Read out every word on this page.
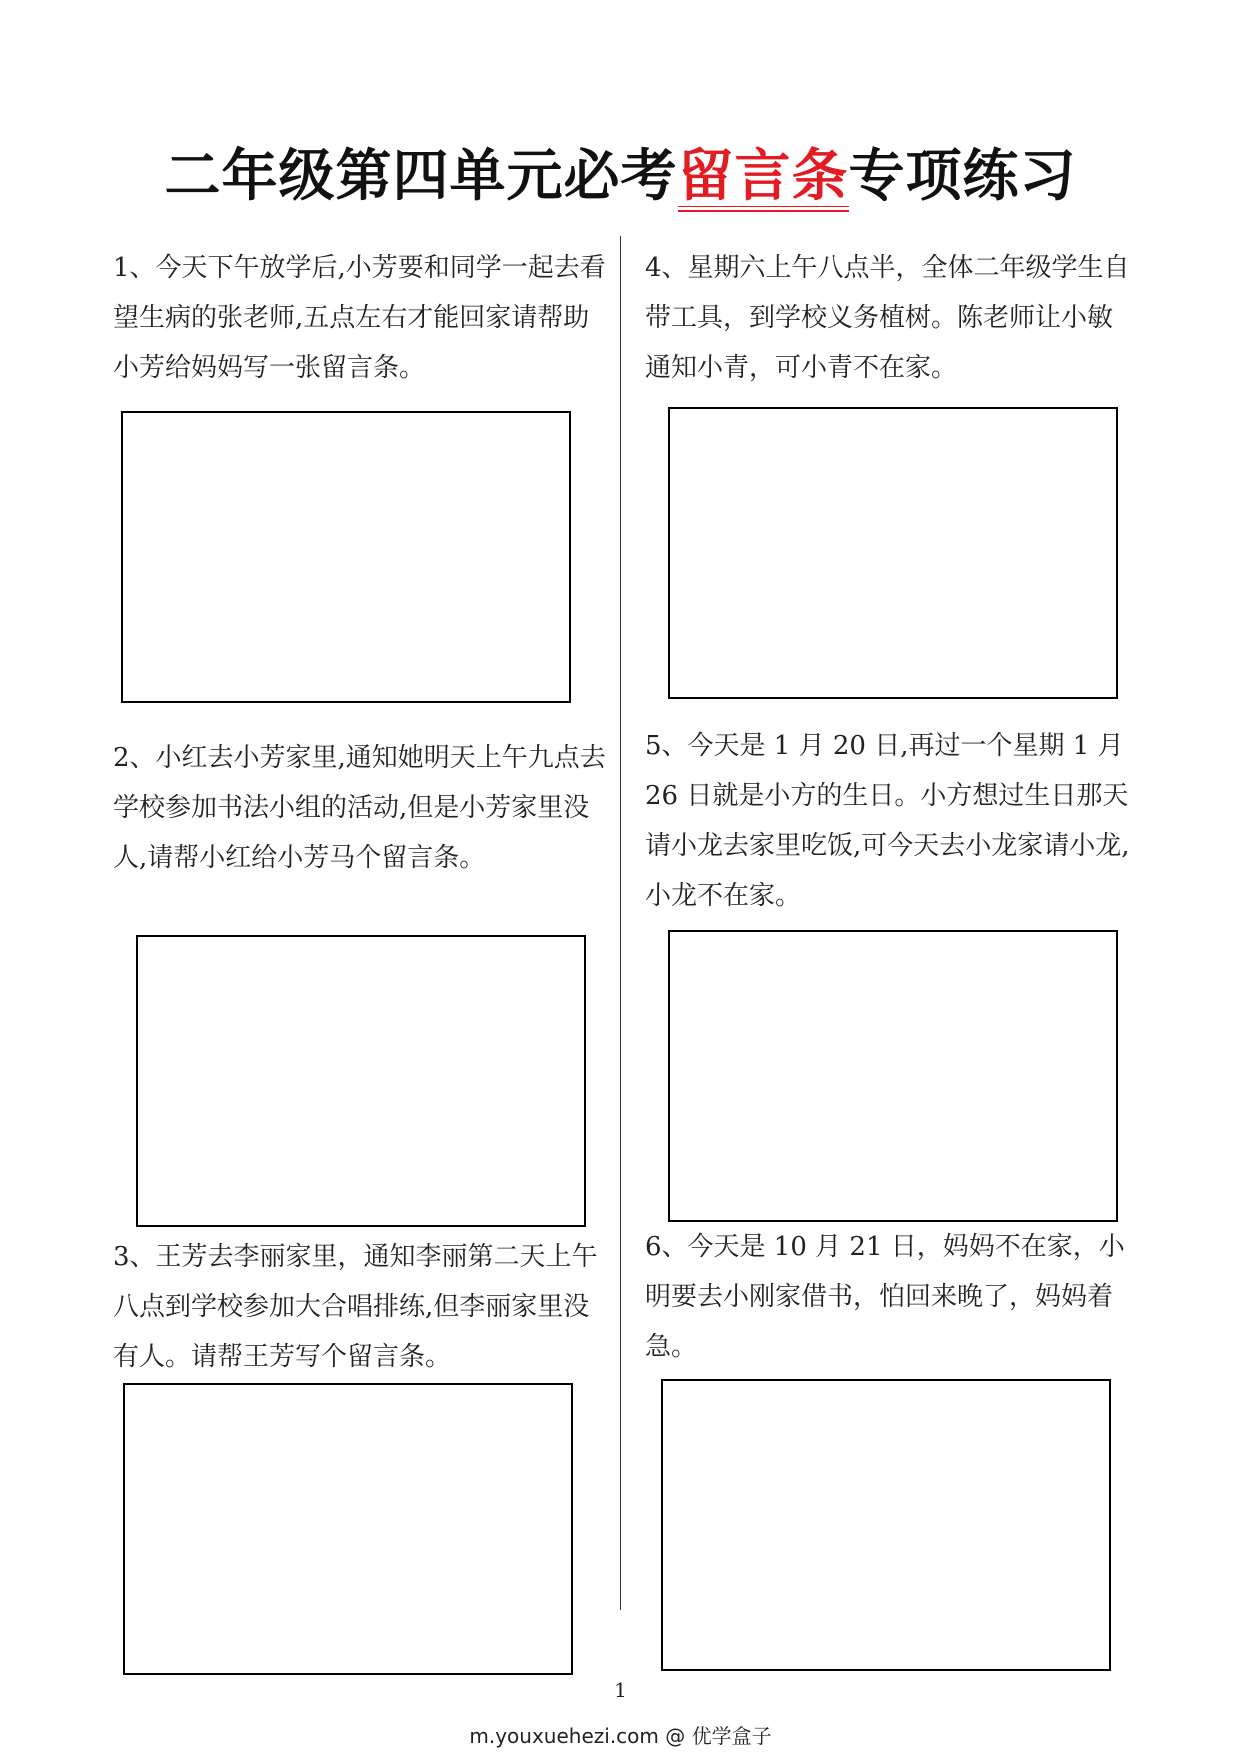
二年级第四单元必考留言条专项练习

1、今天下午放学后,小芳要和同学一起去看望生病的张老师,五点左右才能回家请帮助小芳给妈妈写一张留言条。

2、小红去小芳家里,通知她明天上午九点去学校参加书法小组的活动,但是小芳家里没人,请帮小红给小芳马个留言条。

3、王芳去李丽家里，通知李丽第二天上午八点到学校参加大合唱排练,但李丽家里没有人。请帮王芳写个留言条。

4、星期六上午八点半，全体二年级学生自带工具，到学校义务植树。陈老师让小敏通知小青，可小青不在家。

5、今天是 1 月 20 日,再过一个星期 1 月 26 日就是小方的生日。小方想过生日那天请小龙去家里吃饭,可今天去小龙家请小龙,小龙不在家。

6、今天是 10 月 21 日，妈妈不在家，小明要去小刚家借书，怕回来晚了，妈妈着急。

1
m.youxuehezi.com @ 优学盒子
